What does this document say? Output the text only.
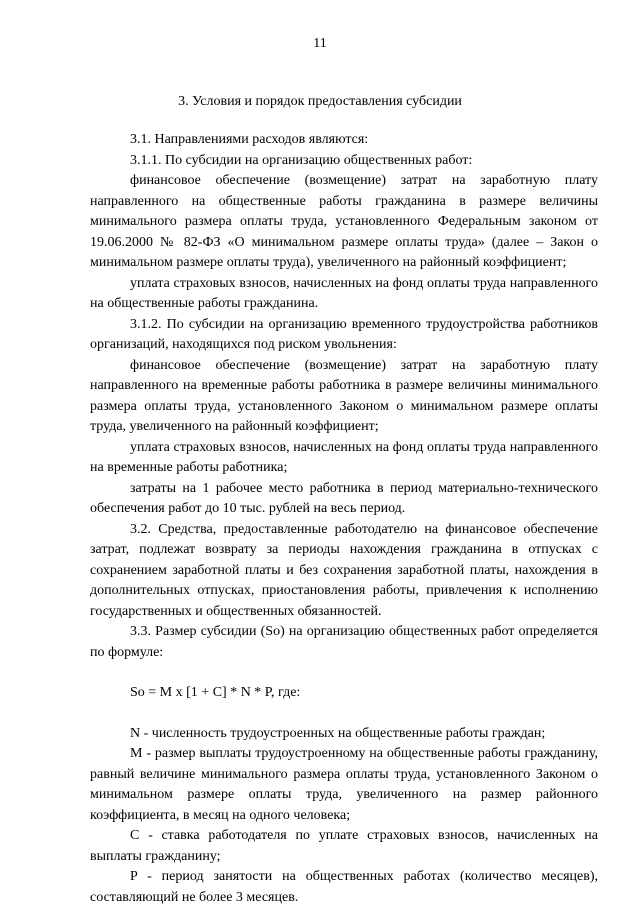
11
3. Условия и порядок предоставления субсидии

3.1. Направлениями расходов являются:

3.1.1. По субсидии на организацию общественных работ:

финансовое обеспечение (возмещение) затрат на заработную плату направленного на общественные работы гражданина в размере величины минимального размера оплаты труда, установленного Федеральным законом от 19.06.2000 № 82-ФЗ «О минимальном размере оплаты труда» (далее – Закон о минимальном размере оплаты труда), увеличенного на районный коэффициент;

уплата страховых взносов, начисленных на фонд оплаты труда направленного на общественные работы гражданина.

3.1.2. По субсидии на организацию временного трудоустройства работников организаций, находящихся под риском увольнения:

финансовое обеспечение (возмещение) затрат на заработную плату направленного на временные работы работника в размере величины минимального размера оплаты труда, установленного Законом о минимальном размере оплаты труда, увеличенного на районный коэффициент;

уплата страховых взносов, начисленных на фонд оплаты труда направленного на временные работы работника;

затраты на 1 рабочее место работника в период материально-технического обеспечения работ до 10 тыс. рублей на весь период.

3.2. Средства, предоставленные работодателю на финансовое обеспечение затрат, подлежат возврату за периоды нахождения гражданина в отпусках с сохранением заработной платы и без сохранения заработной платы, нахождения в дополнительных отпусках, приостановления работы, привлечения к исполнению государственных и общественных обязанностей.

3.3. Размер субсидии (So) на организацию общественных работ определяется по формуле:

So = M x [1 + C] * N * P, где:

N - численность трудоустроенных на общественные работы граждан;

M - размер выплаты трудоустроенному на общественные работы гражданину, равный величине минимального размера оплаты труда, установленного Законом о минимальном размере оплаты труда, увеличенного на размер районного коэффициента, в месяц на одного человека;

C - ставка работодателя по уплате страховых взносов, начисленных на выплаты гражданину;

P - период занятости на общественных работах (количество месяцев), составляющий не более 3 месяцев.
